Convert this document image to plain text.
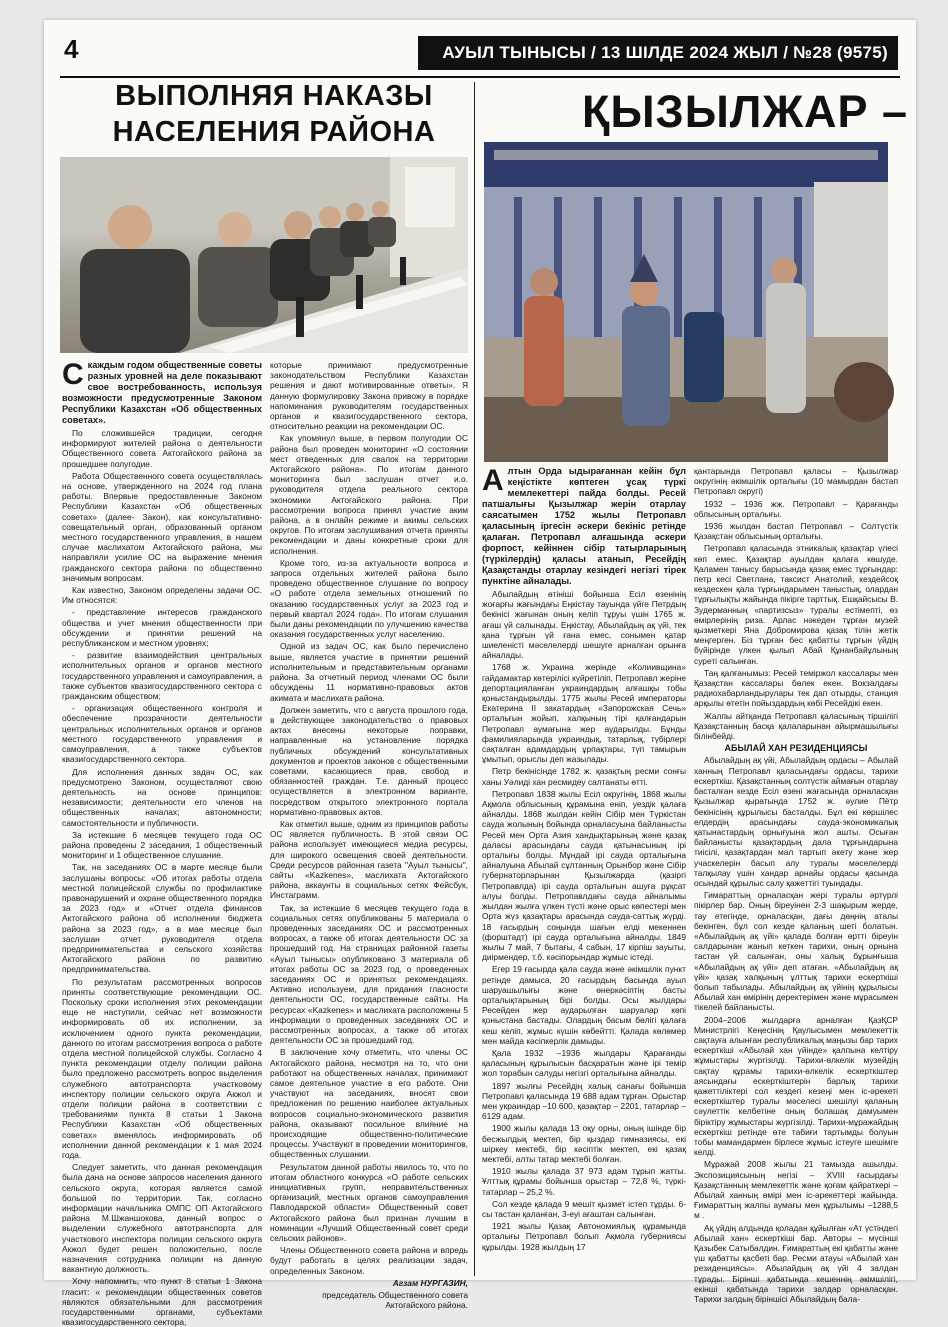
4	АУЫЛ ТЫНЫСЫ / 13 ШІЛДЕ 2024 ЖЫЛ / №28 (9575)
ВЫПОЛНЯЯ НАКАЗЫ
НАСЕЛЕНИЯ РАЙОНА	ҚЫЗЫЛЖАР –

Скаждым годом общественные советы разных уровней на деле показывают свое востребованность, используя возможности предусмотренные Законом Республики Казахстан «Об общественных советах».

По сложившейся традиции, сегодня информируют жителей района о деятельности Общественного совета Актогайского района за прошедшее полугодие.

Работа Общественного совета осуществлялась на основе, утвержденного на 2024 год плана работы. Впервые предоставленные Законом Республики Казахстан «Об общественных советах» (далее- Закон), как консультативно-совещательный орган, образованный органом местного государственного управления, в нашем случае маслихатом Актогайского района, мы направляли усилие ОС на выражение мнения гражданского сектора района по общественно значимым вопросам.

Как известно, Законом определены задачи ОС. Им относятся:

- представление интересов гражданского общества и учет мнения общественности при обсуждении и принятии решений на республиканском и местном уровнях;

- развитие взаимодействия центральных исполнительных органов и органов местного государственного управления и самоуправления, а также субъектов квазигосударственного сектора с гражданским обществом;

- организация общественного контроля и обеспечение прозрачности деятельности центральных исполнительных органов и органов местного государственного управления и самоуправления, а также субъектов квазигосударственного сектора.

Для исполнения данных задач ОС, как предусмотрено Законом, осуществляют свою деятельность на основе принципов: независимости; деятельности его членов на общественных началах; автономности; самостоятельности и публичности.

За истекшие 6 месяцев текущего года ОС района проведены 2 заседания, 1 общественный мониторинг и 1 общественное слушание.

Так, на заседаниях ОС в марте месяце были заслушаны вопросы: «Об итогах работы отдела местной полицейской службы по профилактике правонарушений и охране общественного порядка за 2023 год» и «Отчет отдела финансов Актогайского района об исполнении бюджета района за 2023 год», а в мае месяце был заслушан отчет руководителя отдела предпринимательства и сельского хозяйства Актогайского района по развитию предпринимательства.

По результатам рассмотренных вопросов приняты соответствующие рекомендации ОС. Поскольку сроки исполнения этих рекомендации еще не наступили, сейчас нет возможности информировать об их исполнении, за исключением одного пункта рекомендации, данного по итогам рассмотрения вопроса о работе отдела местной полицейской службы. Согласно 4 пункта рекомендации отделу полиции района было предложено рассмотреть вопрос выделения служебного автотранспорта участковому инспектору полиции сельского округа Акжол и отдели полиции района в соответствии с требованиями пункта 8 статьи 1 Закона Республики Казахстан «Об общественных советах» вменялось информировать об исполнении данной рекомендации к 1 мая 2024 года.

Следует заметить, что данная рекомендация была дана на основе запросов населения данного сельского округа, которая является самой большой по территории. Так, согласно информации начальника ОМПС ОП Актогайского района М.Шжаншокова, данный вопрос о выделении служебного автотранспорта для участкового инспектора полиции сельского округа Акжол будет решен положительно, после назначения сотрудника полиции на данную вакантную должность.

Хочу напомнить, что пункт 8 статьи 1 Закона гласит: « рекомендации общественных советов являются обязательными для рассмотрения государственными органами, субъектами квазигосударственного сектора,

которые принимают предусмотренные законодательством Республики Казахстан решения и дают мотивированные ответы». Я данную формулировку Закона привожу в порядке напоминания руководителям государственных органов и квазигосударственного сектора, относительно реакции на рекомендации ОС.

Как упомянул выше, в первом полугодии ОС района был проведен мониторинг «О состоянии мест отведенных для свалок на территории Актогайского района». По итогам данного мониторинга был заслушан отчет и.о. руководителя отдела реального сектора экономики Актогайского района. При рассмотрении вопроса принял участие аким района, а в онлайн режиме и акимы сельских округов. По итогам заслушивания отчета приняты рекомендации и даны конкретные сроки для исполнения.

Кроме того, из-за актуальности вопроса и запроса отдельных жителей района было проведено общественное слушание по вопросу «О работе отдела земельных отношений по оказанию государственных услуг за 2023 год и первый квартал 2024 года». По итогам слушания были даны рекомендации по улучшению качества оказания государственных услуг населению.

Одной из задач ОС, как было перечислено выше, является участие в принятии решений исполнительным и представительным органами района. За отчетный период членами ОС были обсуждены 11 нормативно-правовых актов акимата и маслихата района.

Должен заметить, что с августа прошлого года, в действующее законодательство о правовых актах внесены некоторые поправки, направленные на установление порядка публичных обсуждений консультативных документов и проектов законов с общественными советами, касающиеся прав, свобод и обязанностей граждан. Т.е. данный процесс осуществляется в электронном варианте, посредством открытого электронного портала нормативно-правовых актов.

Как отметил выше, одним из принципов работы ОС является публичность. В этой связи ОС района использует имеющиеся медиа ресурсы, для широкого освещения своей деятельности. Среди ресурсов районная газета "Ауыл тынысы", сайты «Kazkenes», маслихата Актогайского района, аккаунты в социальных сетях Фейсбук, Инстаграмм.

Так, за истекшие 6 месяцев текущего года в социальных сетях опубликованы 5 материала о проведенных заседаниях ОС и рассмотренных вопросах, а также об итогах деятельности ОС за прошедший год. На страницах районной газеты «Ауыл тынысы» опубликовано 3 материала об итогах работы ОС за 2023 год, о проведенных заседаниях ОС и принятых рекомендациях. Активно используем, для придания гласности деятельности ОС, государственные сайты. На ресурсах «Kazkenes» и маслихата расположены 5 информации о проведенных заседаниях ОС и рассмотренных вопросах, а также об итогах деятельности ОС за прошедший год.

В заключение хочу отметить, что члены ОС Актогайского района, несмотря на то, что они работают на общественных началах, принимают самое деятельное участие в его работе. Они участвуют на заседаниях, вносят свои предложения по решению наиболее актуальных вопросов социально-экономического развития района, оказывают посильное влияние на происходящие общественно-политические процессы. Участвуют в проведении мониторингов, общественных слушании.

Результатом данной работы явилось то, что по итогам областного конкурса «О работе сельских инициативных групп, неправительственных организаций, местных органов самоуправления Павлодарской области» Общественный совет Актогайского района был признан лучшим в номинации «Лучший Общественный совет среди сельских районов».

Члены Общественного совета района и впредь будут работать в целях реализации задач, определенных Законом.

Агзам НУРГАЗИН,

председатель Общественного совета Актогайского района.

Алтын Орда ыдырағаннан кейін бұл кеңістікте көптеген ұсақ түркі мемлекеттері пайда болды. Ресей патшалығы Қызылжар жерін отарлау саясатымен 1752 жылы Петропавл қаласының іргесін әскери бекініс ретінде қалаған. Петропавл алғашында әскери форпост, кейіннен сібір татырларының (түркілердің) қаласы атанып, Ресейдің Қазақстанды отарлау кезіндегі негізгі тірек пунктіне айналады.

Абылайдың өтініші бойынша Есіл өзенінің жоғарғы жағындағы Еңкістау тауында үйге Петрдың бекінісі жағынан оның келіп тұруы үшін 1765 ж. ағаш үй салынады. Еңкістау, Абылайдың ақ үйі, тек қана тұрғын үй ғана емес, сонымен қатар шиеленісті мәселелерді шешуге арналған орынға айналады.

1768 ж. Украина жерінде «Колиивщина» гайдамактар көтерілісі күйретіліп, Петропавл жеріне депортацияланған украиндардың алғашқы тобы қоныстандырылды. 1775 жылы Ресей императоры Екатерина ІІ закатардың «Запорожская Сечь» ортальғын жойып, халқының тірі қалғандарын Петропавл аумағына жер аударылды. Бұнды фамилияларында украиндық, татарлық, түбірлері сақталған адамдардың ұрпақтары, түп тамырын ұмытып, орыслы деп жазылады.

Петр бекінісінде 1782 ж. қазақтың ресми сонғы ханы Уәлиді хан ресмидеу салтанаты өтті.

Петропавл 1838 жылы Есіл округінің, 1868 жылы Ақмола облысының құрамына еніп, уездік қалаға айналды. 1868 жылдан кейін Сібір мен Түркістан сауда жолының бойында орналасуына байланысты Ресей мен Орта Азия хандықтарының және қазақ даласы арасындағы сауда қатынасының ірі орталығы болды. Мұндай ірі сауда орталығына айналуына Абылай сұлтанның Орынбор және Сібір губернаторларынан Қызылжарда (қазіргі Петропавлда) ірі сауда орталығын ашуға рұқсат алуы болды. Петропавлдағы сауда айналымы жылдан жылға үлкен түсті және орыс көпестері мен Орта жүз қазақтары арасында сауда-саттық жүрді. 18 ғасырдың соңында шағын елді мекеннен (форштадт) ірі сауда орталығына айналды. 1849 жылы 7 май, 7 бытағы, 4 сабын, 17 кірпіш зауыты, диірмендер, т.б. кәсіпорындар жұмыс істеді.

Егер 19 ғасырда қала сауда және әкімшілік пункт ретінде дамыса, 20 ғасырдың басында ауыл шаруашылығы және өнеркәсіптің басты орталықтарының бірі болды. Осы жылдары Ресейден жер аударылған шаруалар көпі қоныстана бастады. Олардың басым бөлігі қалаға кеш келіп, жұмыс күшін көбейтті. Қалада көлөмер мен майда кәсіпкерлік дамыды.

Қала 1932 –1936 жылдары Қарағанды қаласының құрылысын басқаратын және ірі темір жол торабын салуды негізгі орталығына айналды.

1897 жылғы Ресейдің халық санағы бойынша Петропавл қаласында 19 688 адам тұрған. Орыстар мен украиндар –10 600, қазақтар – 2201, татарлар – 6129 адам.

1900 жылы қалада 13 оқу орны, оның ішінде бір бесжылдық мектеп, бір қыздар гимназиясы, екі шіркеу мектебі, бір кәсіптік мектеп, екі қазақ мектебі, алты татар мектебі болған.

1910 жылы қалада 37 973 адам тұрып жатты. Ұлттық құрамы бойынша орыстар – 72,8 %, түркі-татарлар – 25,2 %.

Сол кезде қалада 9 мешіт қызмет істеп тұрды. 6-сы тастан қаланған, 3-еуі ағаштан салынған.

1921 жылы Қазақ Автономиялық құрамында орталығы Петропавл болып Ақмола губерниясы құрылды. 1928 жылдың 17

қантарында Петропавл қаласы – Қызылжар округінің әкімшілік орталығы (10 мамырдан бастап Петропавл округі)

1932 – 1936 жж. Петропавл – Қарағанды облысының орталығы.

1936 жылдан бастап Петропавл – Солтүстік Қазақстан облысының орталығы.

Петропавл қаласында этникалық қазақтар үлесі көп емес. Қазақтар ауылдан қалаға көшуде. Қаламен танысу барысында қазақ емес тұрғындар: петр кесі Светлана, таксист Анатолий, кездейсоқ кездескен қала тұрғындарымен таныстық, олардан тұрғылықты жайында пікірге тарттық. Ешқайсысы В. Зудерманның «партизсыз» туралы естімепті, өз өмірлерінің ризa. Арлас нәкеден тұрған музей қызметкері Яна Добромирова қазақ тілін жетік меңгерген. Біз тұрған бес қабатты тұрғын үйдің бүйірінде үлкен қылып Абай Құнанбайұлының суреті салынған.

Таң қалғанымыз: Ресей теміржол кассалары мен Қазақстан кассалары бөлек екен. Вокзалдағы радиохабарландырулары тек дап отырды, станция арқылы өтетін пойыздардың көбі Ресейдікі екен.

Жалпы айтқанда Петропавл қаласының тіршілігі Қазақстанның басқа қалаларынан айырмашылығы білінбейді.

АБЫЛАЙ ХАН РЕЗИДЕНЦИЯСЫ

Абылайдың ақ үйі, Абылайдың ордасы – Абылай ханның Петропавл қаласындағы ордасы, тарихи ескерткіш. Қазақстанның солтүстік аймағын отарлау басталған кезде Есіл өзені жағасында орналасқан Қызылжар қыратында 1752 ж. әулие Пётр бекінісінің құрылысы басталды. Бұл екі көршілес елдердің арасындағы сауда-экономикалық қатынастардың орнығуына жол ашты. Осыған байланысты қазақтардың дала тұрғындарына тиісілі, қазақтардан мал тартып әкету және жер учаскелерін басып алу туралы мәселелерді талқылау үшін хандар арнайы ордасы қасында осындай құрылыс салу қажеттігі туындады.

Гимараттың орналасқан жері туралы әртүрлі пікірлер бар. Оның біреуінен 2-3 шақырым жерде, тау етегінде, орналасқан, дағы дөңнің аталы бекінген, бұл сол кезде қаланың шеті болатын. «Абылайдың ақ үйі» қалада болған өртті біреуін салдарынан жанып кеткен тарихи, оның орнына тастан үй салынған, оны халық бұрынғыша «Абылайдың ақ үйі» деп атаған. «Абылайдың ақ үйі» қазақ халқының ұлттық тарихи ескерткіші болып табылады. Абылайдың ақ үйінің құрылысы Абылай хан өмірінің деректерімен және мұрасымен тікелей байланысты.

2004–2006 жылдарға арналған ҚазҚСР Министрлігі Кеңесінің Қаулысымен мемлекеттік сақтауға алынған республикалық маңызы бар тарих ескерткіші «Абылай хан үйінде» қалпына келтіру жұмыстары жүргізілді. Тарихи-өлкелік музейдің сақтау құрамы тарихи-өлкелік ескерткіштер аясындағы ескерткіштерін барлық тарихи қажеттіліктері сол кездегі кезеңі мен іс-әрекеті ескерткіштер туралы мәселесі шешілуі қаланың сәулеттік келбетіне оның болашақ дамуымен біріктіру жұмыстары жүргізілді. Тарихи-мұражайдың ескерткіш ретінде өте табиғи тартымды болуын тобы мамандармен бірлесе жұмыс істеуге шешімге келді.

Мұражай 2008 жылы 21 тамызда ашылды. Экспозициясының негізі – XVIII ғасырдағы Қазақстанның мемлекеттік және қоғам қайраткері – Абылай ханның өмірі мен іс-әрекеттері жайында. Ғимараттың жалпы аумағы мен құрылымы –1288,5 м .

Ақ үйдің алдында қоладан құйылған «Ат үстіндегі Абылай хан» ескерткіші бар. Авторы – мүсінші Қазыбек Сатыбалдин. Ғимараттың екі қабатты және үш қабатты қасбеті бар. Ресми атауы «Абылай хан резиденциясы». Абылайдың ақ үйі 4 залдан тұрады. Бірінші қабатында кешеннің әкімшілігі, екінші қабатында тарихи залдар орналасқан. Тарихи залдың біріншісі Абылайдың бала-
